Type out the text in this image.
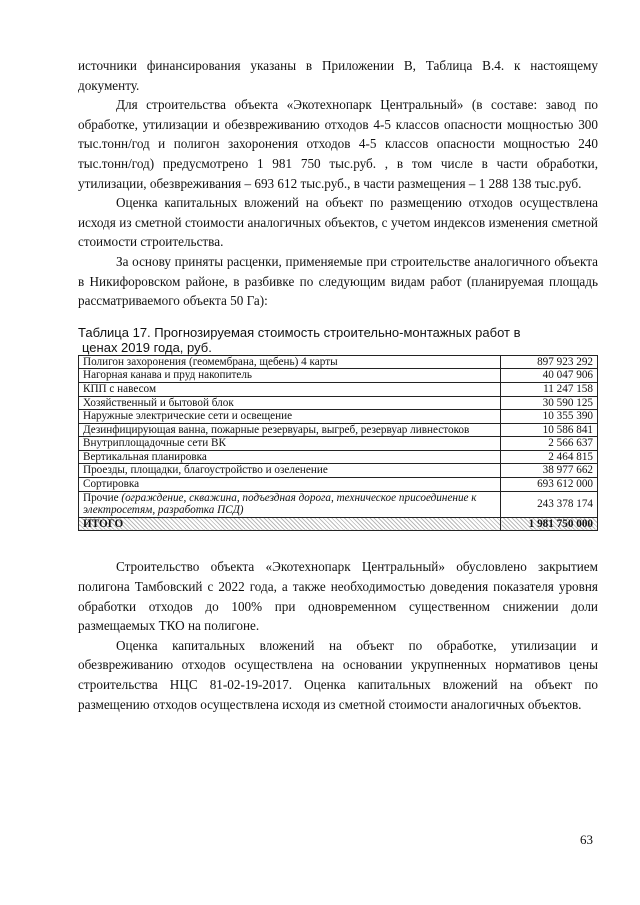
источники финансирования указаны в Приложении В, Таблица В.4. к настоящему документу.

Для строительства объекта «Экотехнопарк Центральный» (в составе: завод по обработке, утилизации и обезвреживанию отходов 4-5 классов опасности мощностью 300 тыс.тонн/год и полигон захоронения отходов 4-5 классов опасности мощностью 240 тыс.тонн/год) предусмотрено 1 981 750 тыс.руб. , в том числе в части обработки, утилизации, обезвреживания – 693 612 тыс.руб., в части размещения – 1 288 138 тыс.руб.

Оценка капитальных вложений на объект по размещению отходов осуществлена исходя из сметной стоимости аналогичных объектов, с учетом индексов изменения сметной стоимости строительства.

За основу приняты расценки, применяемые при строительстве аналогичного объекта в Никифоровском районе, в разбивке по следующим видам работ (планируемая площадь рассматриваемого объекта 50 Га):

Таблица 17. Прогнозируемая стоимость строительно-монтажных работ в
ценах 2019 года, руб.
Полигон захоронения (геомембрана, щебень) 4 карты	897 923 292
Нагорная канава и пруд накопитель	40 047 906
КПП с навесом	11 247 158
Хозяйственный и бытовой блок	30 590 125
Наружные электрические сети и освещение	10 355 390
Дезинфицирующая ванна, пожарные резервуары, выгреб, резервуар ливнестоков	10 586 841
Внутриплощадочные сети ВК	2 566 637
Вертикальная планировка	2 464 815
Проезды, площадки, благоустройство и озеленение	38 977 662
Сортировка	693 612 000
Прочие (ограждение, скважина, подъездная дорога, техническое присоединение к электросетям, разработка ПСД)	243 378 174
ИТОГО	1 981 750 000

Строительство объекта «Экотехнопарк Центральный» обусловлено закрытием полигона Тамбовский с 2022 года, а также необходимостью доведения показателя уровня обработки отходов до 100% при одновременном существенном снижении доли размещаемых ТКО на полигоне.

Оценка капитальных вложений на объект по обработке, утилизации и обезвреживанию отходов осуществлена на основании укрупненных нормативов цены строительства НЦС 81-02-19-2017. Оценка капитальных вложений на объект по размещению отходов осуществлена исходя из сметной стоимости аналогичных объектов.

63
